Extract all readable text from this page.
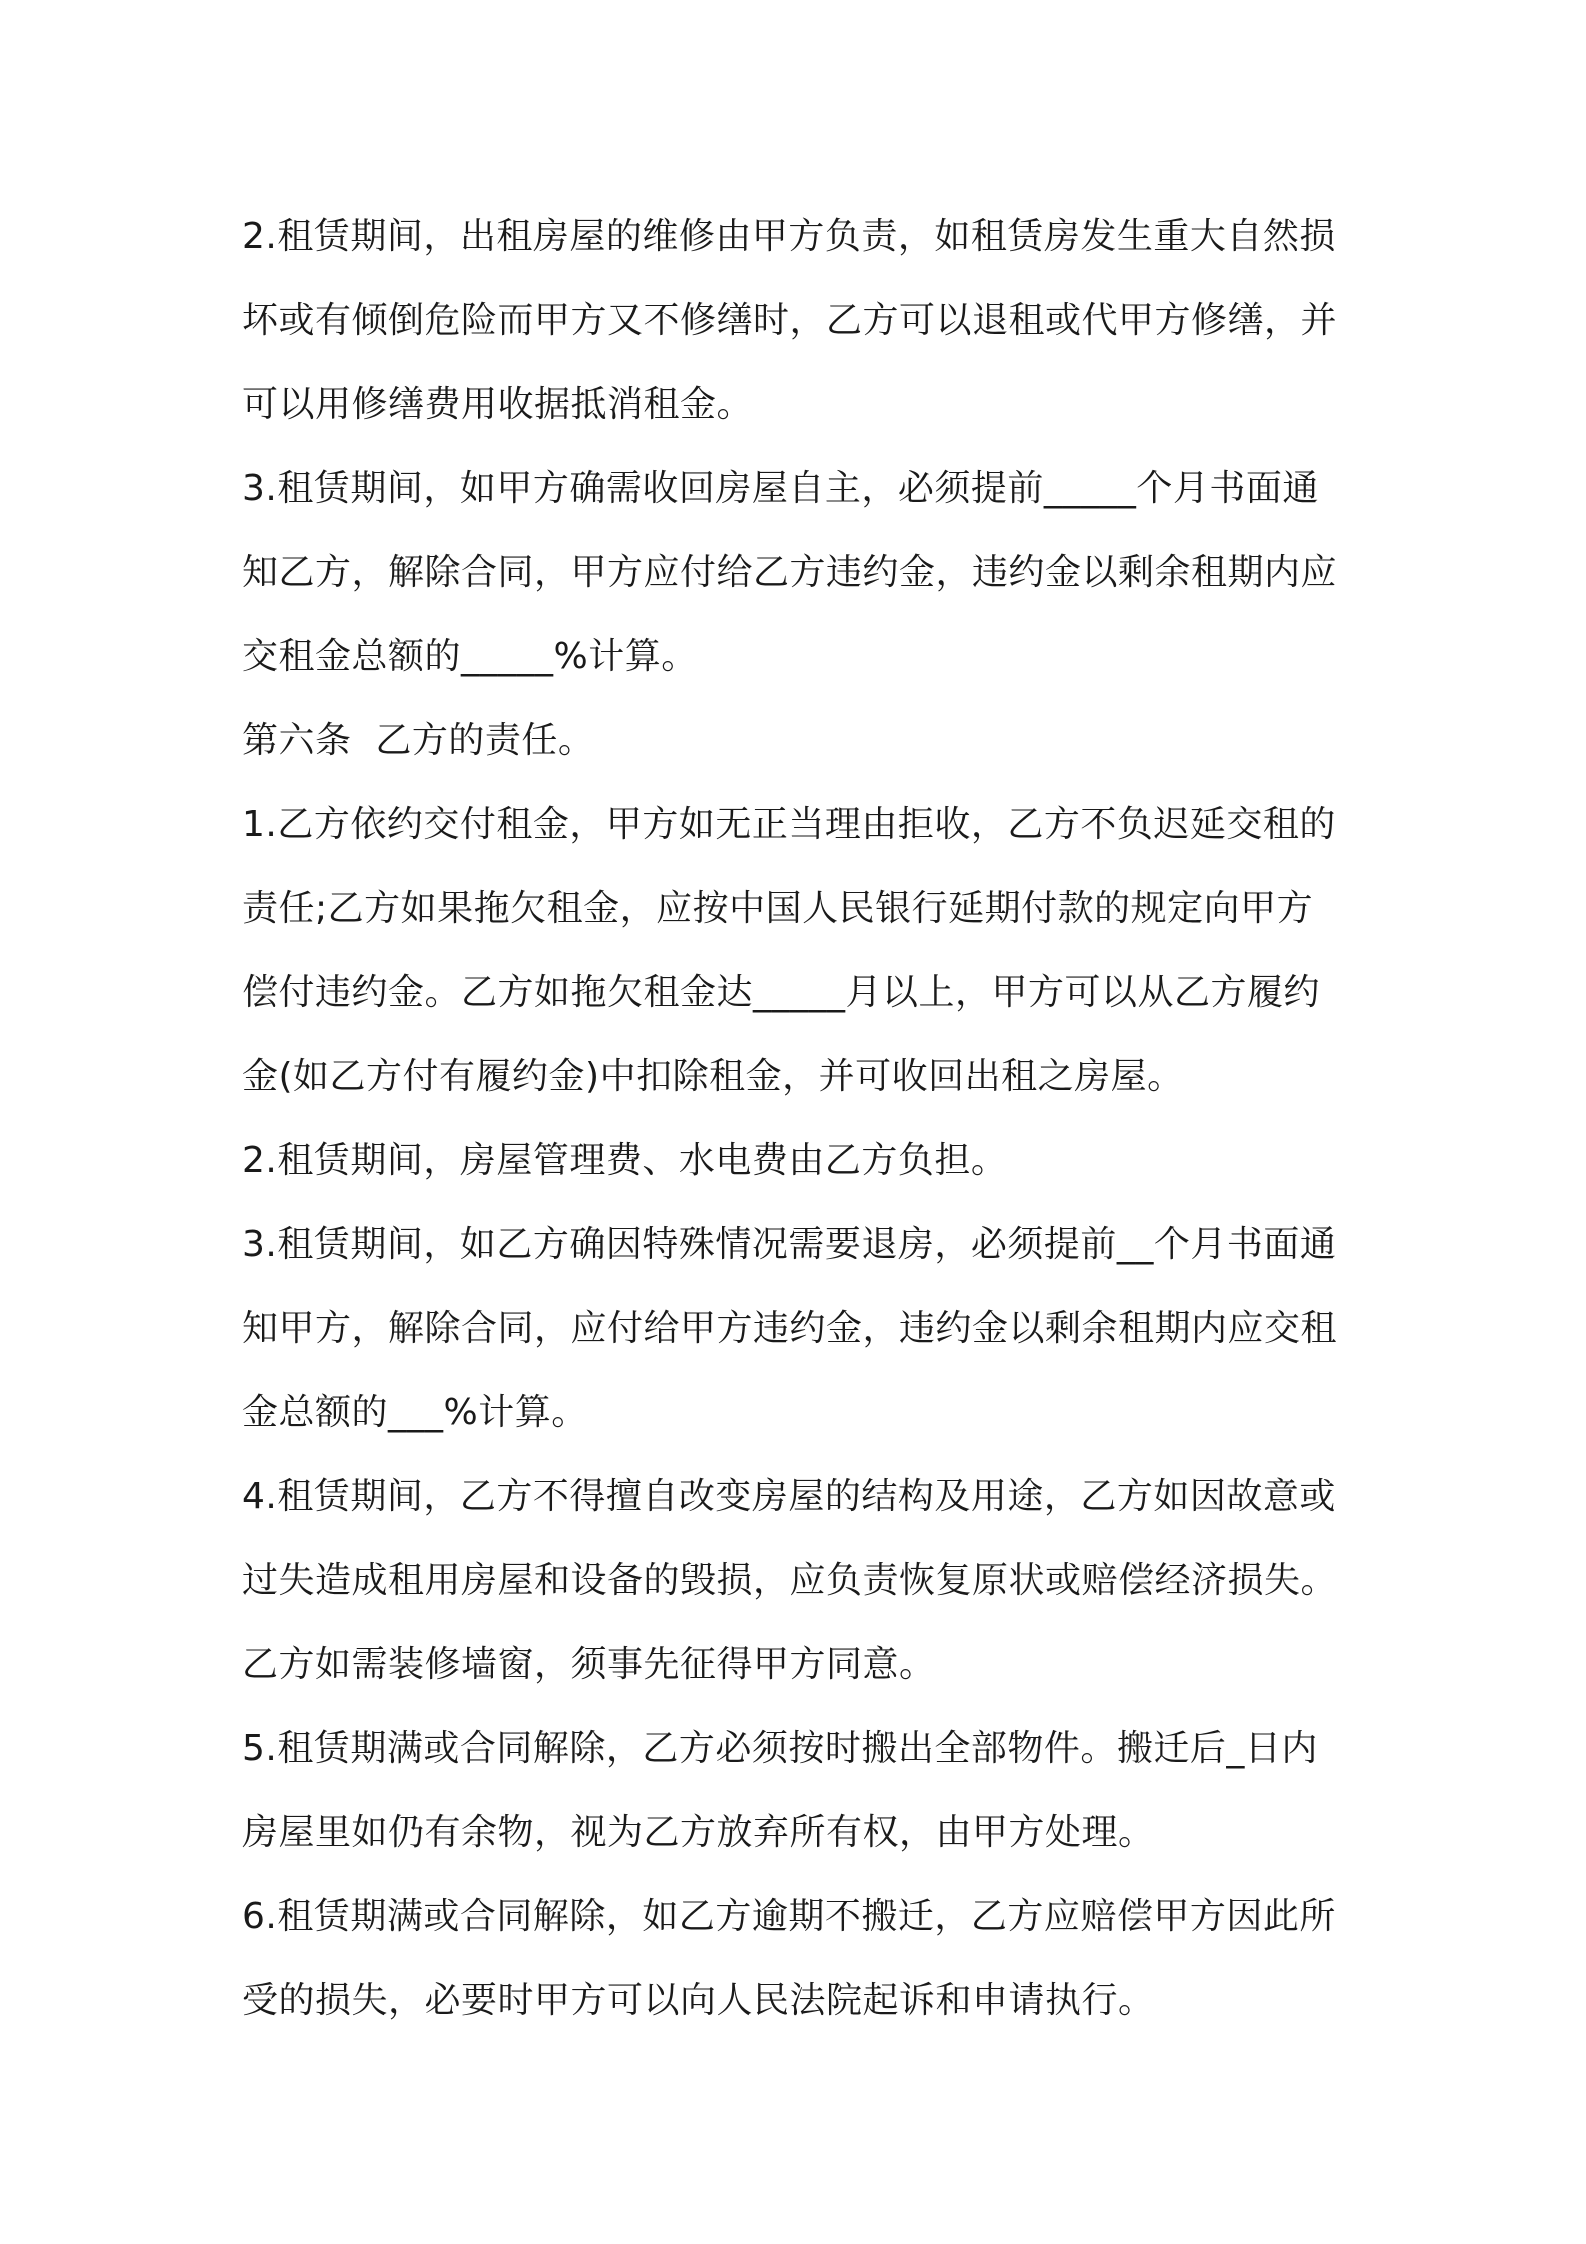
2.租赁期间，出租房屋的维修由甲方负责，如租赁房发生重大自然损
坏或有倾倒危险而甲方又不修缮时，乙方可以退租或代甲方修缮，并
可以用修缮费用收据抵消租金。
3.租赁期间，如甲方确需收回房屋自主，必须提前_____个月书面通
知乙方，解除合同，甲方应付给乙方违约金，违约金以剩余租期内应
交租金总额的_____%计算。
第六条  乙方的责任。
1.乙方依约交付租金，甲方如无正当理由拒收，乙方不负迟延交租的
责任;乙方如果拖欠租金，应按中国人民银行延期付款的规定向甲方
偿付违约金。乙方如拖欠租金达_____月以上，甲方可以从乙方履约
金(如乙方付有履约金)中扣除租金，并可收回出租之房屋。
2.租赁期间，房屋管理费、水电费由乙方负担。
3.租赁期间，如乙方确因特殊情况需要退房，必须提前__个月书面通
知甲方，解除合同，应付给甲方违约金，违约金以剩余租期内应交租
金总额的___%计算。
4.租赁期间，乙方不得擅自改变房屋的结构及用途，乙方如因故意或
过失造成租用房屋和设备的毁损，应负责恢复原状或赔偿经济损失。
乙方如需装修墙窗，须事先征得甲方同意。
5.租赁期满或合同解除，乙方必须按时搬出全部物件。搬迁后_日内
房屋里如仍有余物，视为乙方放弃所有权，由甲方处理。
6.租赁期满或合同解除，如乙方逾期不搬迁，乙方应赔偿甲方因此所
受的损失，必要时甲方可以向人民法院起诉和申请执行。
